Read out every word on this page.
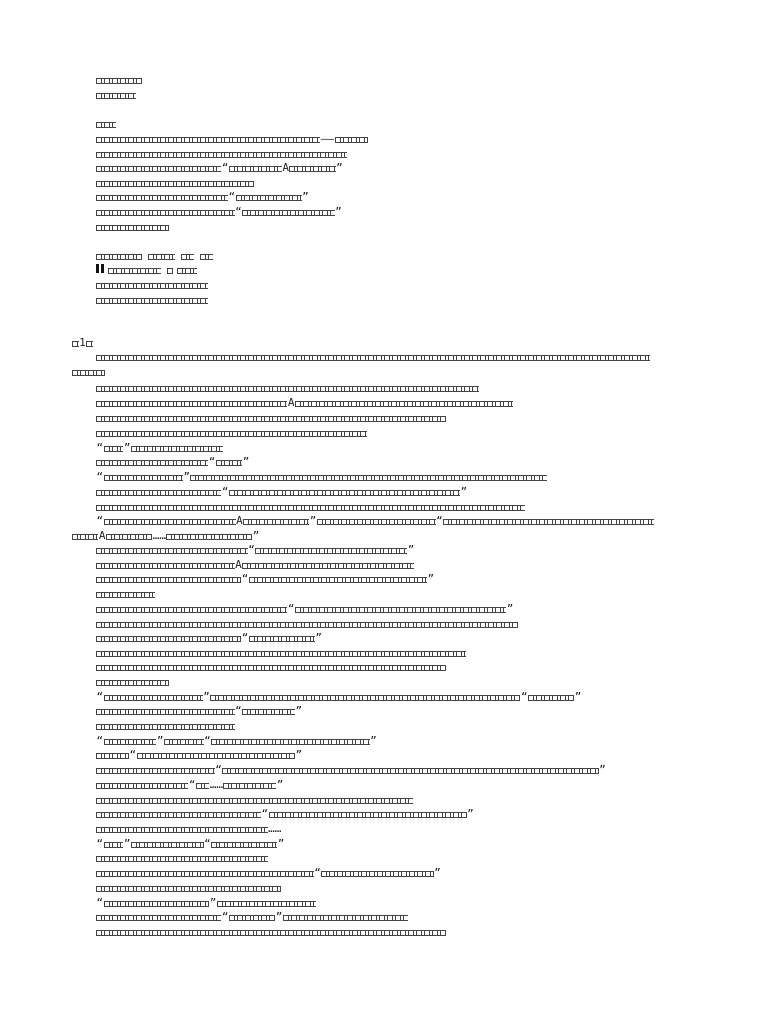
——
“	A	”
“	”
“	”
1
A
“ ”
“ ”
“	”
“	”
“	A	”	“
A	……	”
“	”
A
“	”
“	”
“	”
“	”	“	”
“	”
“	”	“	”
“	”
“	”
“ ……	”
“	”
……
“ ”	“	”
“	”
“	”
“	”
